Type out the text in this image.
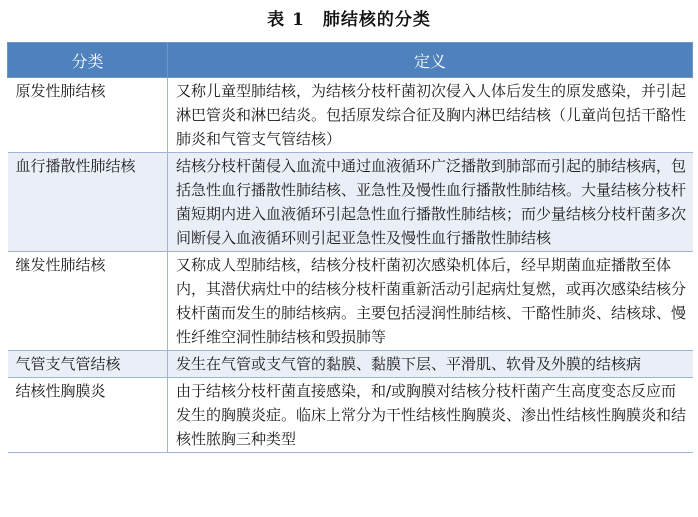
表 1　肺结核的分类
分类	定义
原发性肺结核	又称儿童型肺结核，为结核分枝杆菌初次侵入人体后发生的原发感染，并引起淋巴管炎和淋巴结炎。包括原发综合征及胸内淋巴结结核（儿童尚包括干酪性肺炎和气管支气管结核）
血行播散性肺结核	结核分枝杆菌侵入血流中通过血液循环广泛播散到肺部而引起的肺结核病，包括急性血行播散性肺结核、亚急性及慢性血行播散性肺结核。大量结核分枝杆菌短期内进入血液循环引起急性血行播散性肺结核；而少量结核分枝杆菌多次间断侵入血液循环则引起亚急性及慢性血行播散性肺结核
继发性肺结核	又称成人型肺结核，结核分枝杆菌初次感染机体后，经早期菌血症播散至体内，其潜伏病灶中的结核分枝杆菌重新活动引起病灶复燃，或再次感染结核分枝杆菌而发生的肺结核病。主要包括浸润性肺结核、干酪性肺炎、结核球、慢性纤维空洞性肺结核和毁损肺等
气管支气管结核	发生在气管或支气管的黏膜、黏膜下层、平滑肌、软骨及外膜的结核病
结核性胸膜炎	由于结核分枝杆菌直接感染，和/或胸膜对结核分枝杆菌产生高度变态反应而发生的胸膜炎症。临床上常分为干性结核性胸膜炎、渗出性结核性胸膜炎和结核性脓胸三种类型
